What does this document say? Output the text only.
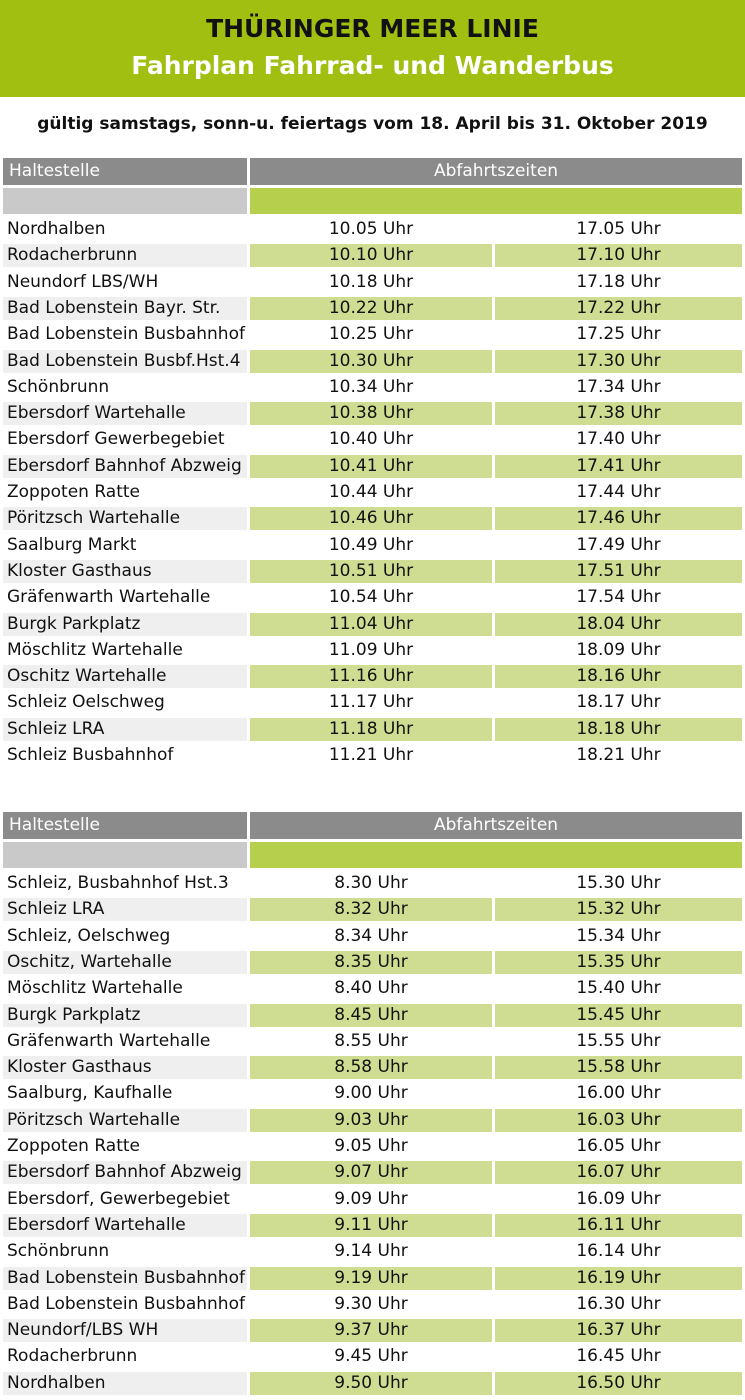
THÜRINGER MEER LINIE
Fahrplan Fahrrad- und Wanderbus
gültig samstags, sonn-u. feiertags vom 18. April bis 31. Oktober 2019
Haltestelle	Abfahrtszeiten
Nordhalben	10.05 Uhr	17.05 Uhr
Rodacherbrunn	10.10 Uhr	17.10 Uhr
Neundorf LBS/WH	10.18 Uhr	17.18 Uhr
Bad Lobenstein Bayr. Str.	10.22 Uhr	17.22 Uhr
Bad Lobenstein Busbahnhof	10.25 Uhr	17.25 Uhr
Bad Lobenstein Busbf.Hst.4	10.30 Uhr	17.30 Uhr
Schönbrunn	10.34 Uhr	17.34 Uhr
Ebersdorf Wartehalle	10.38 Uhr	17.38 Uhr
Ebersdorf Gewerbegebiet	10.40 Uhr	17.40 Uhr
Ebersdorf Bahnhof Abzweig	10.41 Uhr	17.41 Uhr
Zoppoten Ratte	10.44 Uhr	17.44 Uhr
Pöritzsch Wartehalle	10.46 Uhr	17.46 Uhr
Saalburg Markt	10.49 Uhr	17.49 Uhr
Kloster Gasthaus	10.51 Uhr	17.51 Uhr
Gräfenwarth Wartehalle	10.54 Uhr	17.54 Uhr
Burgk Parkplatz	11.04 Uhr	18.04 Uhr
Möschlitz Wartehalle	11.09 Uhr	18.09 Uhr
Oschitz Wartehalle	11.16 Uhr	18.16 Uhr
Schleiz Oelschweg	11.17 Uhr	18.17 Uhr
Schleiz LRA	11.18 Uhr	18.18 Uhr
Schleiz Busbahnhof	11.21 Uhr	18.21 Uhr
Haltestelle	Abfahrtszeiten
Schleiz, Busbahnhof Hst.3	8.30 Uhr	15.30 Uhr
Schleiz LRA	8.32 Uhr	15.32 Uhr
Schleiz, Oelschweg	8.34 Uhr	15.34 Uhr
Oschitz, Wartehalle	8.35 Uhr	15.35 Uhr
Möschlitz Wartehalle	8.40 Uhr	15.40 Uhr
Burgk Parkplatz	8.45 Uhr	15.45 Uhr
Gräfenwarth Wartehalle	8.55 Uhr	15.55 Uhr
Kloster Gasthaus	8.58 Uhr	15.58 Uhr
Saalburg, Kaufhalle	9.00 Uhr	16.00 Uhr
Pöritzsch Wartehalle	9.03 Uhr	16.03 Uhr
Zoppoten Ratte	9.05 Uhr	16.05 Uhr
Ebersdorf Bahnhof Abzweig	9.07 Uhr	16.07 Uhr
Ebersdorf, Gewerbegebiet	9.09 Uhr	16.09 Uhr
Ebersdorf Wartehalle	9.11 Uhr	16.11 Uhr
Schönbrunn	9.14 Uhr	16.14 Uhr
Bad Lobenstein Busbahnhof	9.19 Uhr	16.19 Uhr
Bad Lobenstein Busbahnhof	9.30 Uhr	16.30 Uhr
Neundorf/LBS WH	9.37 Uhr	16.37 Uhr
Rodacherbrunn	9.45 Uhr	16.45 Uhr
Nordhalben	9.50 Uhr	16.50 Uhr
